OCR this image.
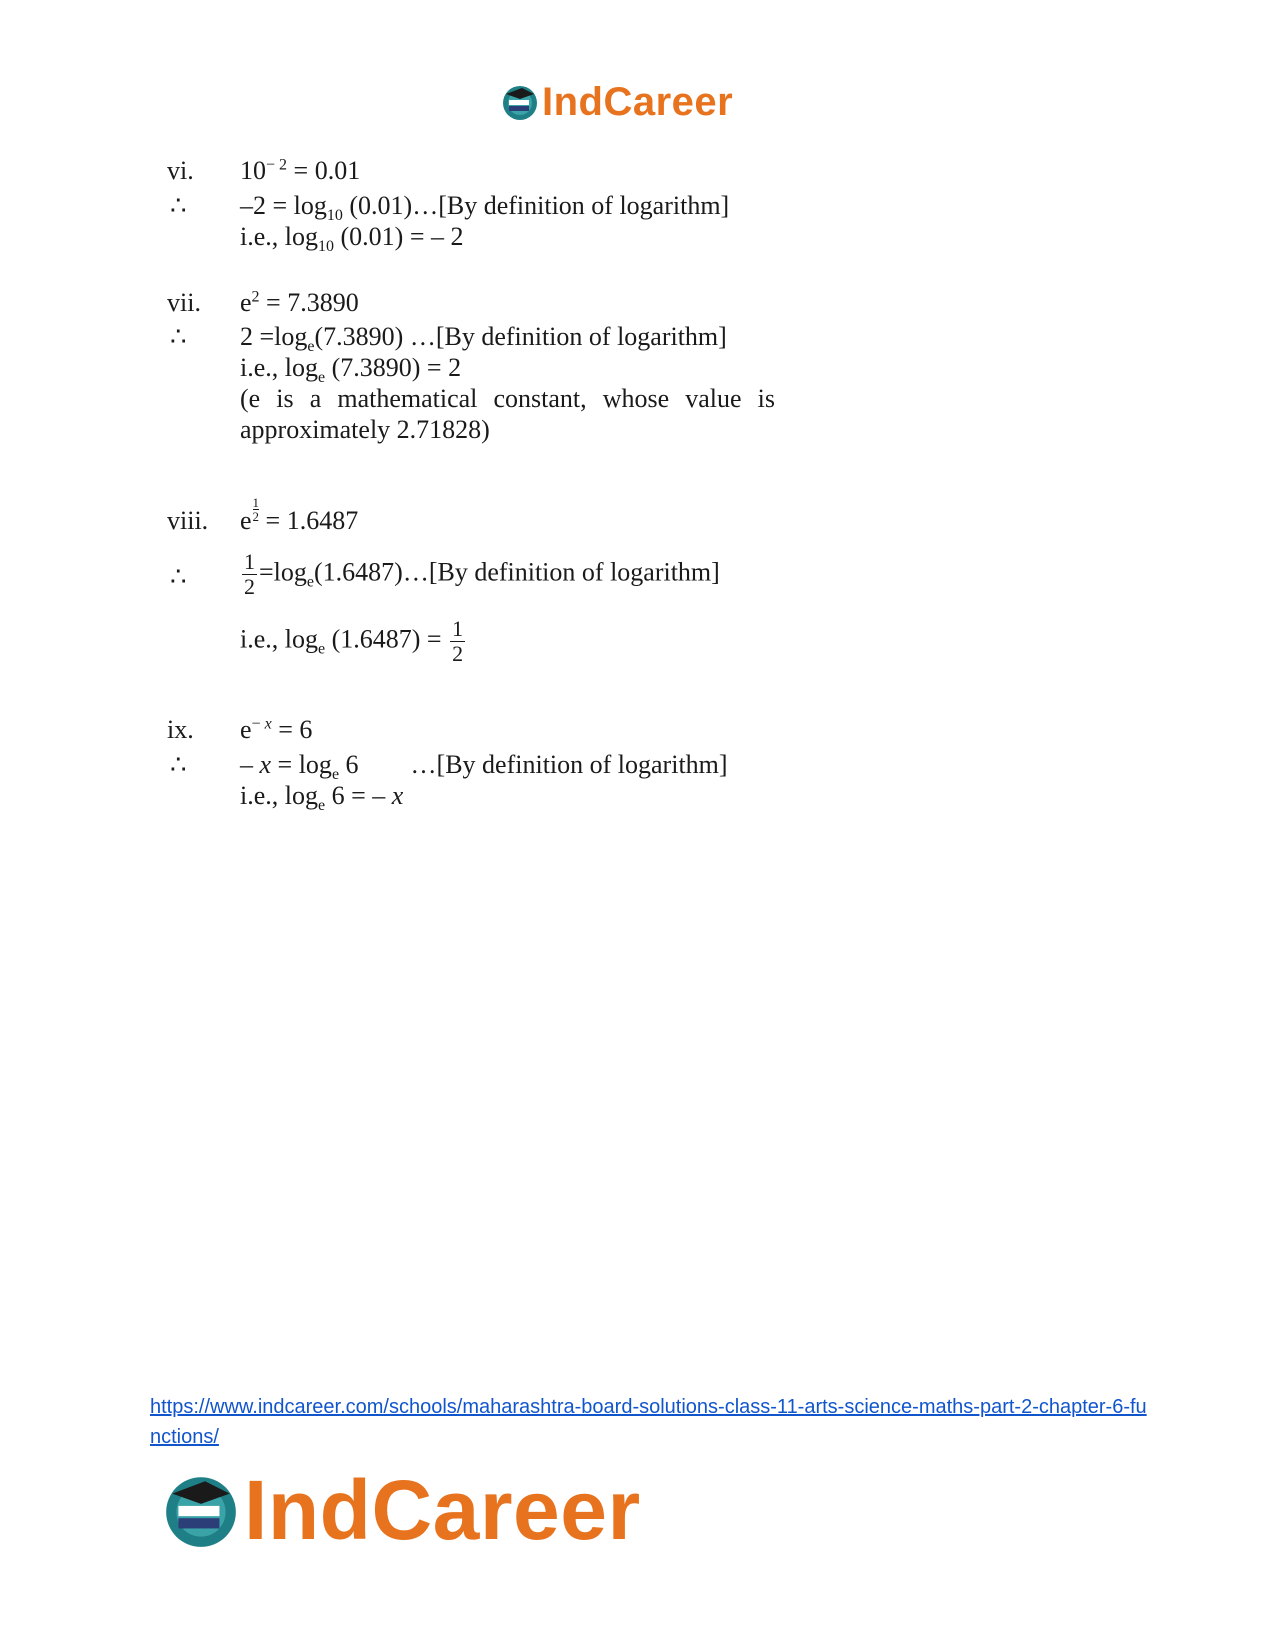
IndCareer
vi. $10^{- 2} = 0.01$
∴ $-2 = \log_{10}$ (0.01)…[By definition of logarithm]
i.e., $\log_{10} (0.01)$ = – 2
vii. $e^2 = 7.3890$
∴ $2 =\log_e(7.3890)$ …[By definition of logarithm]
i.e., $\log_e (7.3890) = 2$
(e is a mathematical constant, whose value is
approximately 2.71828)
viii. e $\frac{1}{2} = 1.6487$
∴	$\frac{1}{2}$ $=\log_e(1.6487)\dots[By$ definition of logarithm]
i.e., $\log_e (1.6487) = \frac{1}{2}$
ix. $e^{- x} = 6$
∴ – $x = \log_e 6$        …[By definition of logarithm]
i.e., $\log_e 6$ = – x
https://www.indcareer.com/schools/maharashtra-board-solutions-class-11-arts-science-maths-part-2-chapter-6-functions/
IndCareer
